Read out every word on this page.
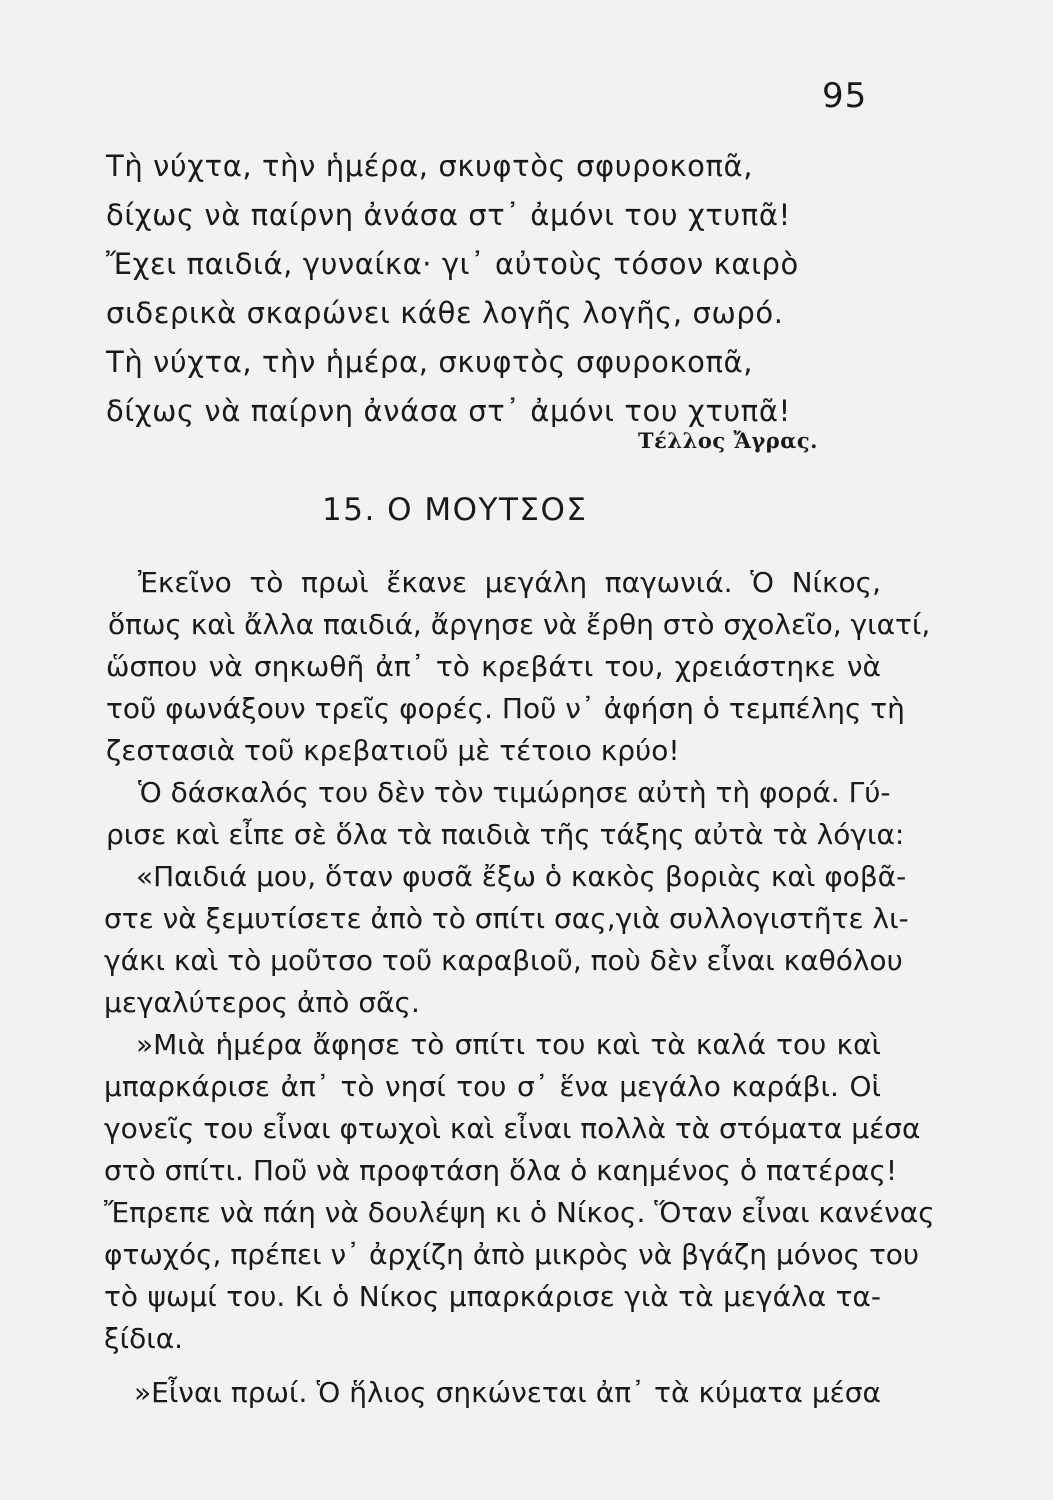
95
Τὴ νύχτα, τὴν ἡμέρα, σκυφτὸς σφυροκοπᾶ,
δίχως νὰ παίρνη ἀνάσα στ᾽ ἀμόνι του χτυπᾶ!
Ἔχει παιδιά, γυναίκα· γι᾽ αὐτοὺς τόσον καιρὸ
σιδερικὰ σκαρώνει κάθε λογῆς λογῆς, σωρό.
Τὴ νύχτα, τὴν ἡμέρα, σκυφτὸς σφυροκοπᾶ,
δίχως νὰ παίρνη ἀνάσα στ᾽ ἀμόνι του χτυπᾶ!
Τέλλος Ἄγρας.
15. Ο ΜΟΥΤΣΟΣ
Ἐκεῖνο τὸ πρωὶ ἔκανε μεγάλη παγωνιά. Ὁ Νίκος,
ὅπως καὶ ἄλλα παιδιά, ἄργησε νὰ ἔρθη στὸ σχολεῖο, γιατί,
ὥσπου νὰ σηκωθῆ ἀπ᾽ τὸ κρεβάτι του, χρειάστηκε νὰ
τοῦ φωνάξουν τρεῖς φορές. Ποῦ ν᾽ ἀφήση ὁ τεμπέλης τὴ
ζεστασιὰ τοῦ κρεβατιοῦ μὲ τέτοιο κρύο!
Ὁ δάσκαλός του δὲν τὸν τιμώρησε αὐτὴ τὴ φορά. Γύ-
ρισε καὶ εἶπε σὲ ὅλα τὰ παιδιὰ τῆς τάξης αὐτὰ τὰ λόγια:
«Παιδιά μου, ὅταν φυσᾶ ἔξω ὁ κακὸς βοριὰς καὶ φοβᾶ-
στε νὰ ξεμυτίσετε ἀπὸ τὸ σπίτι σας,γιὰ συλλογιστῆτε λι-
γάκι καὶ τὸ μοῦτσο τοῦ καραβιοῦ, ποὺ δὲν εἶναι καθόλου
μεγαλύτερος ἀπὸ σᾶς.
»Μιὰ ἡμέρα ἄφησε τὸ σπίτι του καὶ τὰ καλά του καὶ
μπαρκάρισε ἀπ᾽ τὸ νησί του σ᾽ ἕνα μεγάλο καράβι. Οἱ
γονεῖς του εἶναι φτωχοὶ καὶ εἶναι πολλὰ τὰ στόματα μέσα
στὸ σπίτι. Ποῦ νὰ προφτάση ὅλα ὁ καημένος ὁ πατέρας!
Ἔπρεπε νὰ πάη νὰ δουλέψη κι ὁ Νίκος. Ὅταν εἶναι κανένας
φτωχός, πρέπει ν᾽ ἀρχίζη ἀπὸ μικρὸς νὰ βγάζη μόνος του
τὸ ψωμί του. Κι ὁ Νίκος μπαρκάρισε γιὰ τὰ μεγάλα τα-
ξίδια.
»Εἶναι πρωί. Ὁ ἥλιος σηκώνεται ἀπ᾽ τὰ κύματα μέσα
